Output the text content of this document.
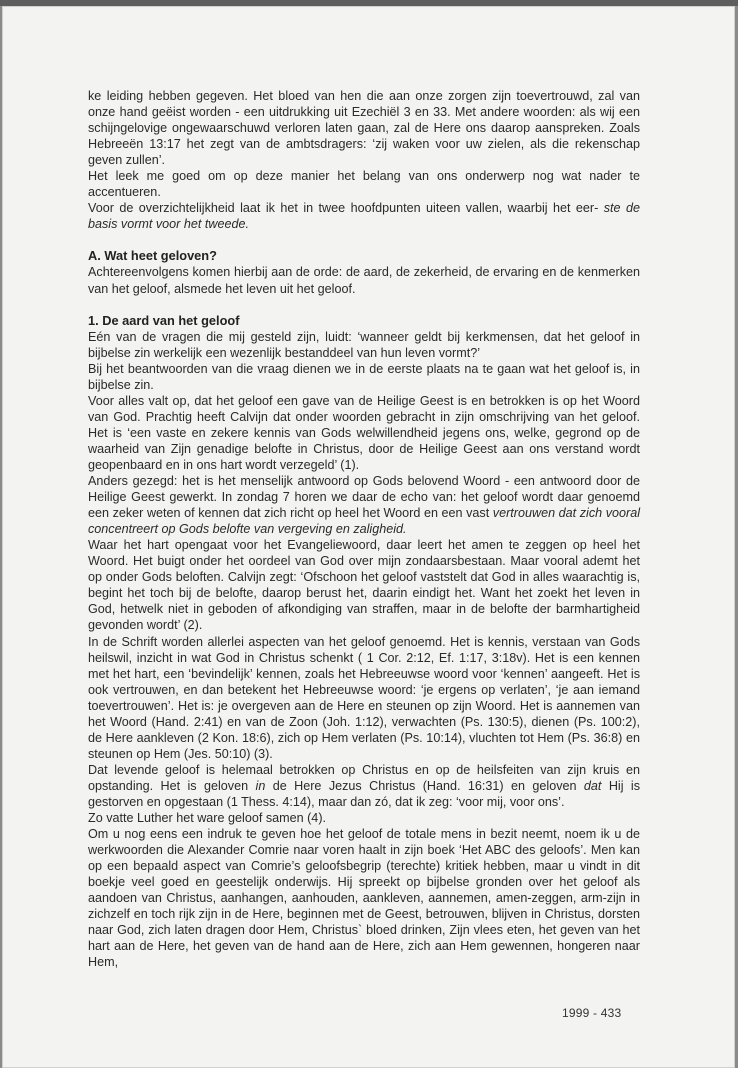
ke leiding hebben gegeven. Het bloed van hen die aan onze zorgen zijn toevertrouwd, zal van onze hand geëist worden - een uitdrukking uit Ezechiël 3 en 33. Met andere woorden: als wij een schijngelovige ongewaarschuwd verloren laten gaan, zal de Here ons daarop aanspreken. Zoals Hebreeën 13:17 het zegt van de ambtsdragers: ‘zij waken voor uw zielen, als die rekenschap geven zullen’.

Het leek me goed om op deze manier het belang van ons onderwerp nog wat nader te accentueren.

Voor de overzichtelijkheid laat ik het in twee hoofdpunten uiteen vallen, waarbij het eer- ste de basis vormt voor het tweede.

A. Wat heet geloven?

Achtereenvolgens komen hierbij aan de orde: de aard, de zekerheid, de ervaring en de kenmerken van het geloof, alsmede het leven uit het geloof.

1. De aard van het geloof

Eén van de vragen die mij gesteld zijn, luidt: ‘wanneer geldt bij kerkmensen, dat het geloof in bijbelse zin werkelijk een wezenlijk bestanddeel van hun leven vormt?’

Bij het beantwoorden van die vraag dienen we in de eerste plaats na te gaan wat het geloof is, in bijbelse zin.

Voor alles valt op, dat het geloof een gave van de Heilige Geest is en betrokken is op het Woord van God. Prachtig heeft Calvijn dat onder woorden gebracht in zijn omschrijving van het geloof. Het is ‘een vaste en zekere kennis van Gods welwillendheid jegens ons, welke, gegrond op de waarheid van Zijn genadige belofte in Christus, door de Heilige Geest aan ons verstand wordt geopenbaard en in ons hart wordt verzegeld’ (1).

Anders gezegd: het is het menselijk antwoord op Gods belovend Woord - een antwoord door de Heilige Geest gewerkt. In zondag 7 horen we daar de echo van: het geloof wordt daar genoemd een zeker weten of kennen dat zich richt op heel het Woord en een vast vertrouwen dat zich vooral concentreert op Gods belofte van vergeving en zaligheid.

Waar het hart opengaat voor het Evangeliewoord, daar leert het amen te zeggen op heel het Woord. Het buigt onder het oordeel van God over mijn zondaarsbestaan. Maar vooral ademt het op onder Gods beloften. Calvijn zegt: ‘Ofschoon het geloof vaststelt dat God in alles waarachtig is, begint het toch bij de belofte, daarop berust het, daarin eindigt het. Want het zoekt het leven in God, hetwelk niet in geboden of afkondiging van straffen, maar in de belofte der barmhartigheid gevonden wordt’ (2).

In de Schrift worden allerlei aspecten van het geloof genoemd. Het is kennis, verstaan van Gods heilswil, inzicht in wat God in Christus schenkt ( 1 Cor. 2:12, Ef. 1:17, 3:18v). Het is een kennen met het hart, een ‘bevindelijk’ kennen, zoals het Hebreeuwse woord voor ‘kennen’ aangeeft. Het is ook vertrouwen, en dan betekent het Hebreeuwse woord: ‘je ergens op verlaten’, ‘je aan iemand toevertrouwen’. Het is: je overgeven aan de Here en steunen op zijn Woord. Het is aannemen van het Woord (Hand. 2:41) en van de Zoon (Joh. 1:12), verwachten (Ps. 130:5), dienen (Ps. 100:2), de Here aankleven (2 Kon. 18:6), zich op Hem verlaten (Ps. 10:14), vluchten tot Hem (Ps. 36:8) en steunen op Hem (Jes. 50:10) (3).

Dat levende geloof is helemaal betrokken op Christus en op de heilsfeiten van zijn kruis en opstanding. Het is geloven in de Here Jezus Christus (Hand. 16:31) en geloven dat Hij is gestorven en opgestaan (1 Thess. 4:14), maar dan zó, dat ik zeg: ‘voor mij, voor ons’.

Zo vatte Luther het ware geloof samen (4).

Om u nog eens een indruk te geven hoe het geloof de totale mens in bezit neemt, noem ik u de werkwoorden die Alexander Comrie naar voren haalt in zijn boek ‘Het ABC des geloofs’. Men kan op een bepaald aspect van Comrie’s geloofsbegrip (terechte) kritiek hebben, maar u vindt in dit boekje veel goed en geestelijk onderwijs. Hij spreekt op bijbelse gronden over het geloof als aandoen van Christus, aanhangen, aanhouden, aankleven, aannemen, amen-zeggen, arm-zijn in zichzelf en toch rijk zijn in de Here, beginnen met de Geest, betrouwen, blijven in Christus, dorsten naar God, zich laten dragen door Hem, Christus` bloed drinken, Zijn vlees eten, het geven van het hart aan de Here, het geven van de hand aan de Here, zich aan Hem gewennen, hongeren naar Hem,

1999 - 433
